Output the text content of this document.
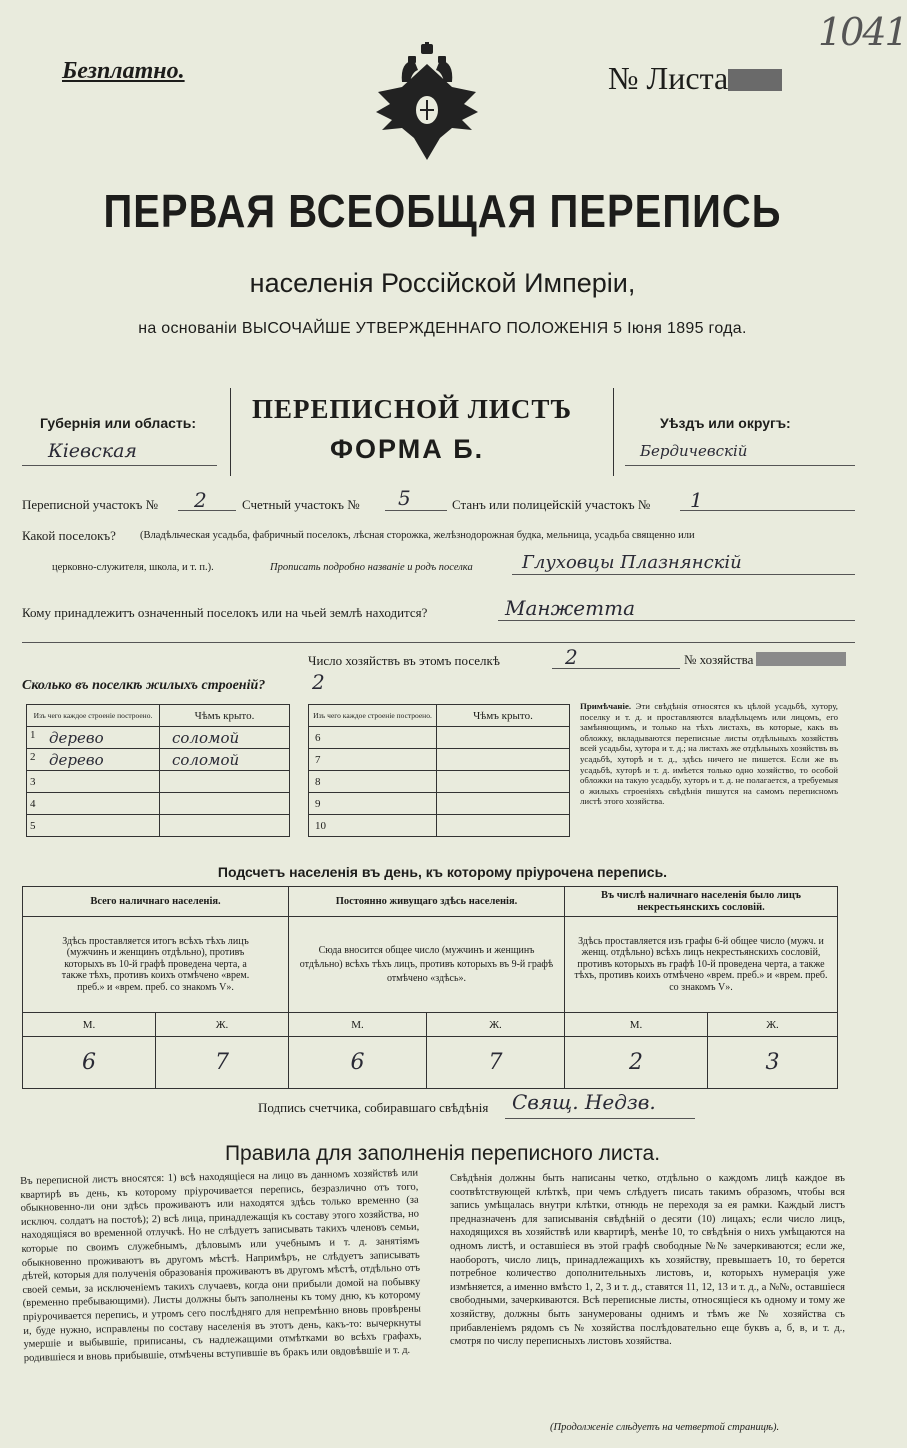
1041
Безплатно.	№ Листа
ПЕРВАЯ ВСЕОБЩАЯ ПЕРЕПИСЬ
населенія Россійской Имперіи,
на основаніи ВЫСОЧАЙШЕ УТВЕРЖДЕННАГО ПОЛОЖЕНІЯ 5 Іюня 1895 года.
Губернія или область:
Кіевская
ПЕРЕПИСНОЙ ЛИСТЪ
ФОРМА Б.
Уѣздъ или округъ:
Бердичевскій
Переписной участокъ № 2	Счетный участокъ № 5	Станъ или полицейскій участокъ № 1
Какой поселокъ? (Владѣльческая усадьба, фабричный поселокъ, лѣсная сторожка, желѣзнодорожная будка, мельница, усадьба священно или
церковно-служителя, школа, и т. п.).	Прописать подробно названіе и родъ поселка	Глуховцы Плазнянскій
Кому принадлежитъ означенный поселокъ или на чьей землѣ находится?	Манжетта
Число хозяйствъ въ этомъ поселкѣ	2	№ хозяйства
Сколько въ поселкѣ жилыхъ строеній? 2
Изъ чего каждое строеніе построено.	Чѣмъ крыто.

1 дерево	соломой

2 дерево	соломой
3	
4	
5	
Изъ чего каждое строеніе построено.	Чѣмъ крыто.
6	
7	
8	
9	
10	
Примѣчаніе. Эти свѣдѣнія относятся къ цѣлой усадьбѣ, хутору, поселку и т. д. и проставляются владѣльцемъ или лицомъ, его замѣняющимъ, и только на тѣхъ листахъ, въ которые, какъ въ обложку, вкладываются переписные листы отдѣльныхъ хозяйствъ всей усадьбы, хутора и т. д.; на листахъ же отдѣльныхъ хозяйствъ въ усадьбѣ, хуторѣ и т. д., здѣсь ничего не пишется. Если же въ усадьбѣ, хуторѣ и т. д. имѣется только одно хозяйство, то особой обложки на такую усадьбу, хуторъ и т. д. не полагается, а требуемыя о жилыхъ строеніяхъ свѣдѣнія пишутся на самомъ переписномъ листѣ этого хозяйства.
Подсчетъ населенія въ день, къ которому пріурочена перепись.
Всего наличнаго населенія.		Постоянно живущаго здѣсь населенія.		Въ числѣ наличнаго населенія было лицъ некрестьянскихъ сословій.	
Здѣсь проставляется итогъ всѣхъ тѣхъ лицъ (мужчинъ и женщинъ отдѣльно), противъ которыхъ въ 10-й графѣ проведена черта, а также тѣхъ, противъ коихъ отмѣчено «врем. преб.» и «врем. преб. со знакомъ V».		Сюда вносится общее число (мужчинъ и женщинъ отдѣльно) всѣхъ тѣхъ лицъ, противъ которыхъ въ 9-й графѣ отмѣчено «здѣсь».		Здѣсь проставляется изъ графы 6-й общее число (мужч. и женщ. отдѣльно) всѣхъ лицъ некрестьянскихъ сословій, противъ которыхъ въ графѣ 10-й проведена черта, а также тѣхъ, противъ коихъ отмѣчено «врем. преб.» и «врем. преб. со знакомъ V».	
М.	Ж.	М.	Ж.	М.	Ж.
6	7	6	7	2	3
Подпись счетчика, собиравшаго свѣдѣнія Свящ. Недзв.
Правила для заполненія переписного листа.
Въ переписной листъ вносятся: 1) всѣ находящіеся на лицо въ данномъ хозяйствѣ или квартирѣ въ день, къ которому пріурочивается перепись, безразлично отъ того, обыкновенно-ли они здѣсь проживаютъ или находятся здѣсь только временно (за исключ. солдатъ на постоѣ); 2) всѣ лица, принадлежащія къ составу этого хозяйства, но находящіяся во временной отлучкѣ. Но не слѣдуетъ записывать такихъ членовъ семьи, которые по своимъ служебнымъ, дѣловымъ или учебнымъ и т. д. занятіямъ обыкновенно проживаютъ въ другомъ мѣстѣ. Напримѣръ, не слѣдуетъ записывать дѣтей, которыя для полученія образованія проживаютъ въ другомъ мѣстѣ, отдѣльно отъ своей семьи, за исключеніемъ такихъ случаевъ, когда они прибыли домой на побывку (временно пребывающими). Листы должны быть заполнены къ тому дню, къ которому пріурочивается перепись, и утромъ сего послѣдняго для непремѣнно вновь провѣрены и, буде нужно, исправлены по составу населенія въ этотъ день, какъ-то: вычеркнуты умершіе и выбывшіе, приписаны, съ надлежащими отмѣтками во всѣхъ графахъ, родившіеся и вновь прибывшіе, отмѣчены вступившіе въ бракъ или овдовѣвшіе и т. д.
Свѣдѣнія должны быть написаны четко, отдѣльно о каждомъ лицѣ каждое въ соотвѣтствующей клѣткѣ, при чемъ слѣдуетъ писать такимъ образомъ, чтобы вся запись умѣщалась внутри клѣтки, отнюдь не переходя за ея рамки. Каждый листъ предназначенъ для записыванія свѣдѣній о десяти (10) лицахъ; если число лицъ, находящихся въ хозяйствѣ или квартирѣ, менѣе 10, то свѣдѣнія о нихъ умѣщаются на одномъ листѣ, и оставшіеся въ этой графѣ свободные №№ зачеркиваются; если же, наоборотъ, число лицъ, принадлежащихъ къ хозяйству, превышаетъ 10, то берется потребное количество дополнительныхъ листовъ, и, которыхъ нумерація уже измѣняется, а именно вмѣсто 1, 2, 3 и т. д., ставятся 11, 12, 13 и т. д., а №№, оставшіеся свободными, зачеркиваются. Всѣ переписные листы, относящіеся къ одному и тому же хозяйству, должны быть занумерованы однимъ и тѣмъ же № хозяйства съ прибавленіемъ рядомъ съ № хозяйства послѣдовательно еще буквъ а, б, в, и т. д., смотря по числу переписныхъ листовъ хозяйства.
(Продолженіе слѣдуетъ на четвертой страницѣ).
